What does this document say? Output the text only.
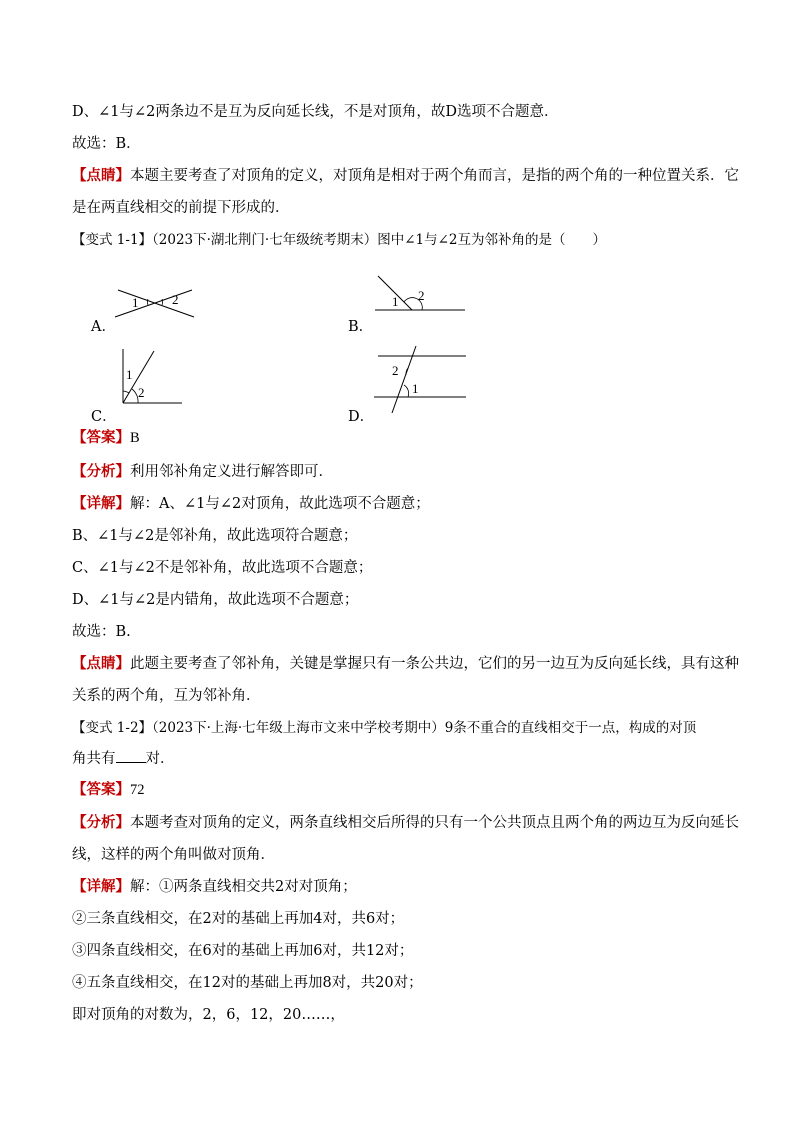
D、∠1与∠2两条边不是互为反向延长线，不是对顶角，故D选项不合题意．
故选：B．
【点睛】本题主要考查了对顶角的定义，对顶角是相对于两个角而言，是指的两个角的一种位置关系．它
是在两直线相交的前提下形成的．
【变式 1-1】（2023下·湖北荆门·七年级统考期末）图中∠1与∠2互为邻补角的是（　　）
1	2
A．
1 2
B．
1
2
C．
2
1
D．
【答案】B
【分析】利用邻补角定义进行解答即可．
【详解】解：A、∠1与∠2对顶角，故此选项不合题意；
B、∠1与∠2是邻补角，故此选项符合题意；
C、∠1与∠2不是邻补角，故此选项不合题意；
D、∠1与∠2是内错角，故此选项不合题意；
故选：B.
【点睛】此题主要考查了邻补角，关键是掌握只有一条公共边，它们的另一边互为反向延长线，具有这种
关系的两个角，互为邻补角．
【变式 1-2】（2023下·上海·七年级上海市文来中学校考期中）9条不重合的直线相交于一点，构成的对顶
角共有 对．
【答案】72
【分析】本题考查对顶角的定义，两条直线相交后所得的只有一个公共顶点且两个角的两边互为反向延长
线，这样的两个角叫做对顶角．
【详解】解：①两条直线相交共2对对顶角；
②三条直线相交，在2对的基础上再加4对，共6对；
③四条直线相交，在6对的基础上再加6对，共12对；
④五条直线相交，在12对的基础上再加8对，共20对；
即对顶角的对数为，2，6，12，20……，
